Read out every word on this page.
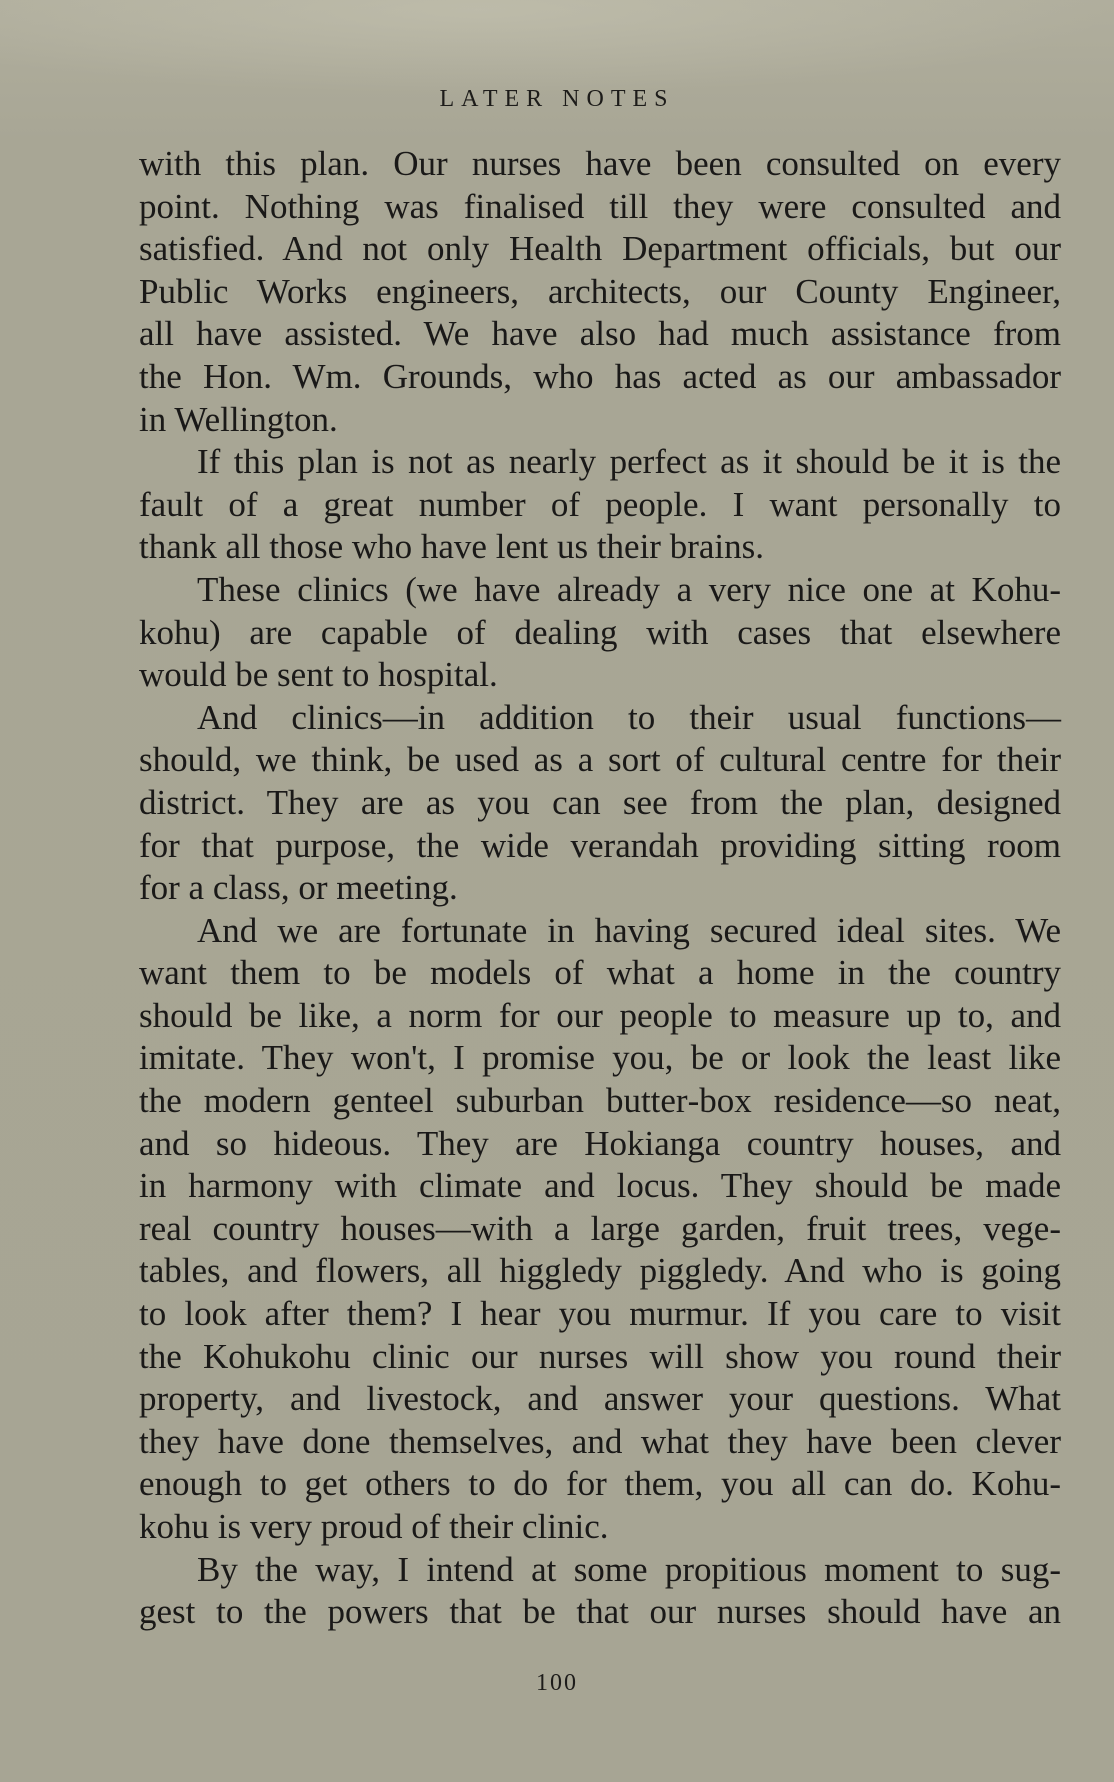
LATER NOTES
with this plan. Our nurses have been consulted on every
point. Nothing was finalised till they were consulted and
satisfied. And not only Health Department officials, but our
Public Works engineers, architects, our County Engineer,
all have assisted. We have also had much assistance from
the Hon. Wm. Grounds, who has acted as our ambassador
in Wellington.
If this plan is not as nearly perfect as it should be it is the
fault of a great number of people. I want personally to
thank all those who have lent us their brains.
These clinics (we have already a very nice one at Kohu‑
kohu) are capable of dealing with cases that elsewhere
would be sent to hospital.
And clinics—in addition to their usual functions—
should, we think, be used as a sort of cultural centre for their
district. They are as you can see from the plan, designed
for that purpose, the wide verandah providing sitting room
for a class, or meeting.
And we are fortunate in having secured ideal sites. We
want them to be models of what a home in the country
should be like, a norm for our people to measure up to, and
imitate. They won't, I promise you, be or look the least like
the modern genteel suburban butter‑box residence—so neat,
and so hideous. They are Hokianga country houses, and
in harmony with climate and locus. They should be made
real country houses—with a large garden, fruit trees, vege‑
tables, and flowers, all higgledy piggledy. And who is going
to look after them? I hear you murmur. If you care to visit
the Kohukohu clinic our nurses will show you round their
property, and livestock, and answer your questions. What
they have done themselves, and what they have been clever
enough to get others to do for them, you all can do. Kohu‑
kohu is very proud of their clinic.
By the way, I intend at some propitious moment to sug‑
gest to the powers that be that our nurses should have an
100
